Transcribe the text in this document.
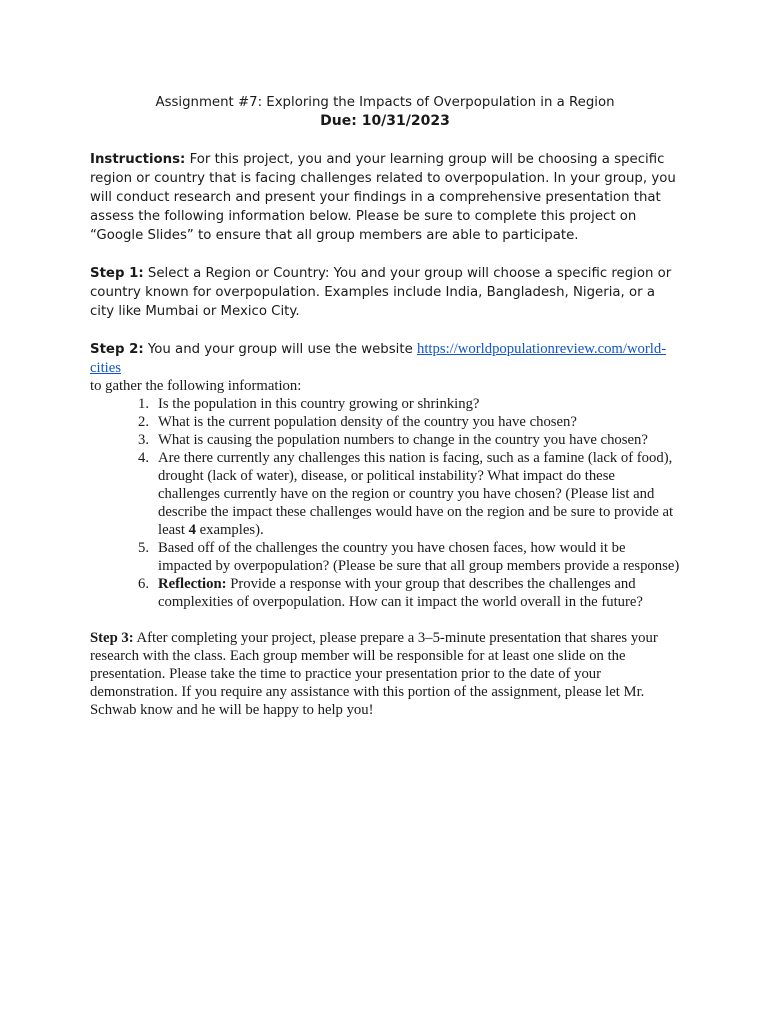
Assignment #7: Exploring the Impacts of Overpopulation in a Region
Due: 10/31/2023

Instructions: For this project, you and your learning group will be choosing a specific region or country that is facing challenges related to overpopulation. In your group, you will conduct research and present your findings in a comprehensive presentation that assess the following information below. Please be sure to complete this project on “Google Slides” to ensure that all group members are able to participate.

Step 1: Select a Region or Country: You and your group will choose a specific region or country known for overpopulation. Examples include India, Bangladesh, Nigeria, or a city like Mumbai or Mexico City.

Step 2: You and your group will use the website https://worldpopulationreview.com/world-cities
to gather the following information:

1. Is the population in this country growing or shrinking?
2. What is the current population density of the country you have chosen?
3. What is causing the population numbers to change in the country you have chosen?
4. Are there currently any challenges this nation is facing, such as a famine (lack of food), drought (lack of water), disease, or political instability? What impact do these challenges currently have on the region or country you have chosen? (Please list and describe the impact these challenges would have on the region and be sure to provide at least 4 examples).
5. Based off of the challenges the country you have chosen faces, how would it be impacted by overpopulation? (Please be sure that all group members provide a response)
6. Reflection: Provide a response with your group that describes the challenges and complexities of overpopulation. How can it impact the world overall in the future?

Step 3: After completing your project, please prepare a 3–5-minute presentation that shares your research with the class. Each group member will be responsible for at least one slide on the presentation. Please take the time to practice your presentation prior to the date of your demonstration. If you require any assistance with this portion of the assignment, please let Mr. Schwab know and he will be happy to help you!
